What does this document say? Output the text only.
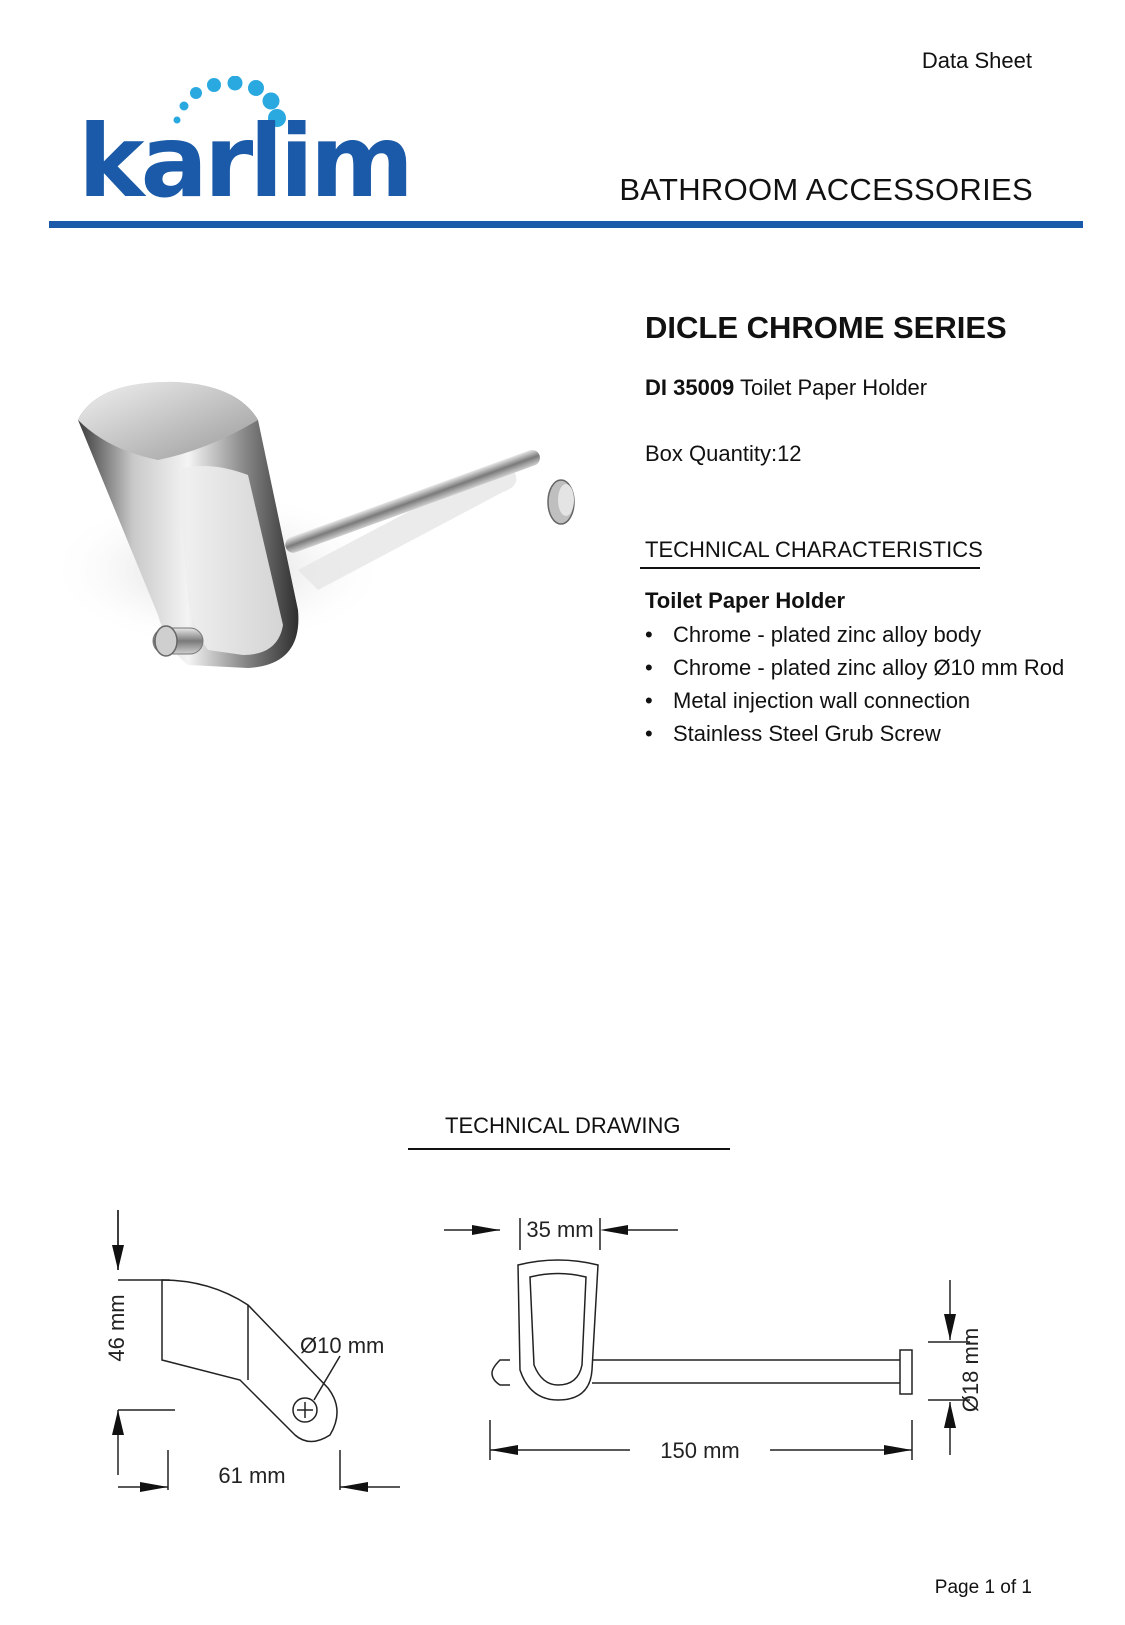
Data Sheet
karlim	BATHROOM ACCESSORIES
DICLE CHROME SERIES
DI 35009 Toilet Paper Holder
Box Quantity:12
TECHNICAL CHARACTERISTICS
Toilet Paper Holder
• Chrome - plated zinc alloy body
• Chrome - plated zinc alloy Ø10 mm Rod
• Metal injection wall connection
• Stainless Steel Grub Screw
TECHNICAL DRAWING
46 mm
61 mm
Ø10 mm
35 mm
150 mm
Ø18 mm
Page 1 of 1
